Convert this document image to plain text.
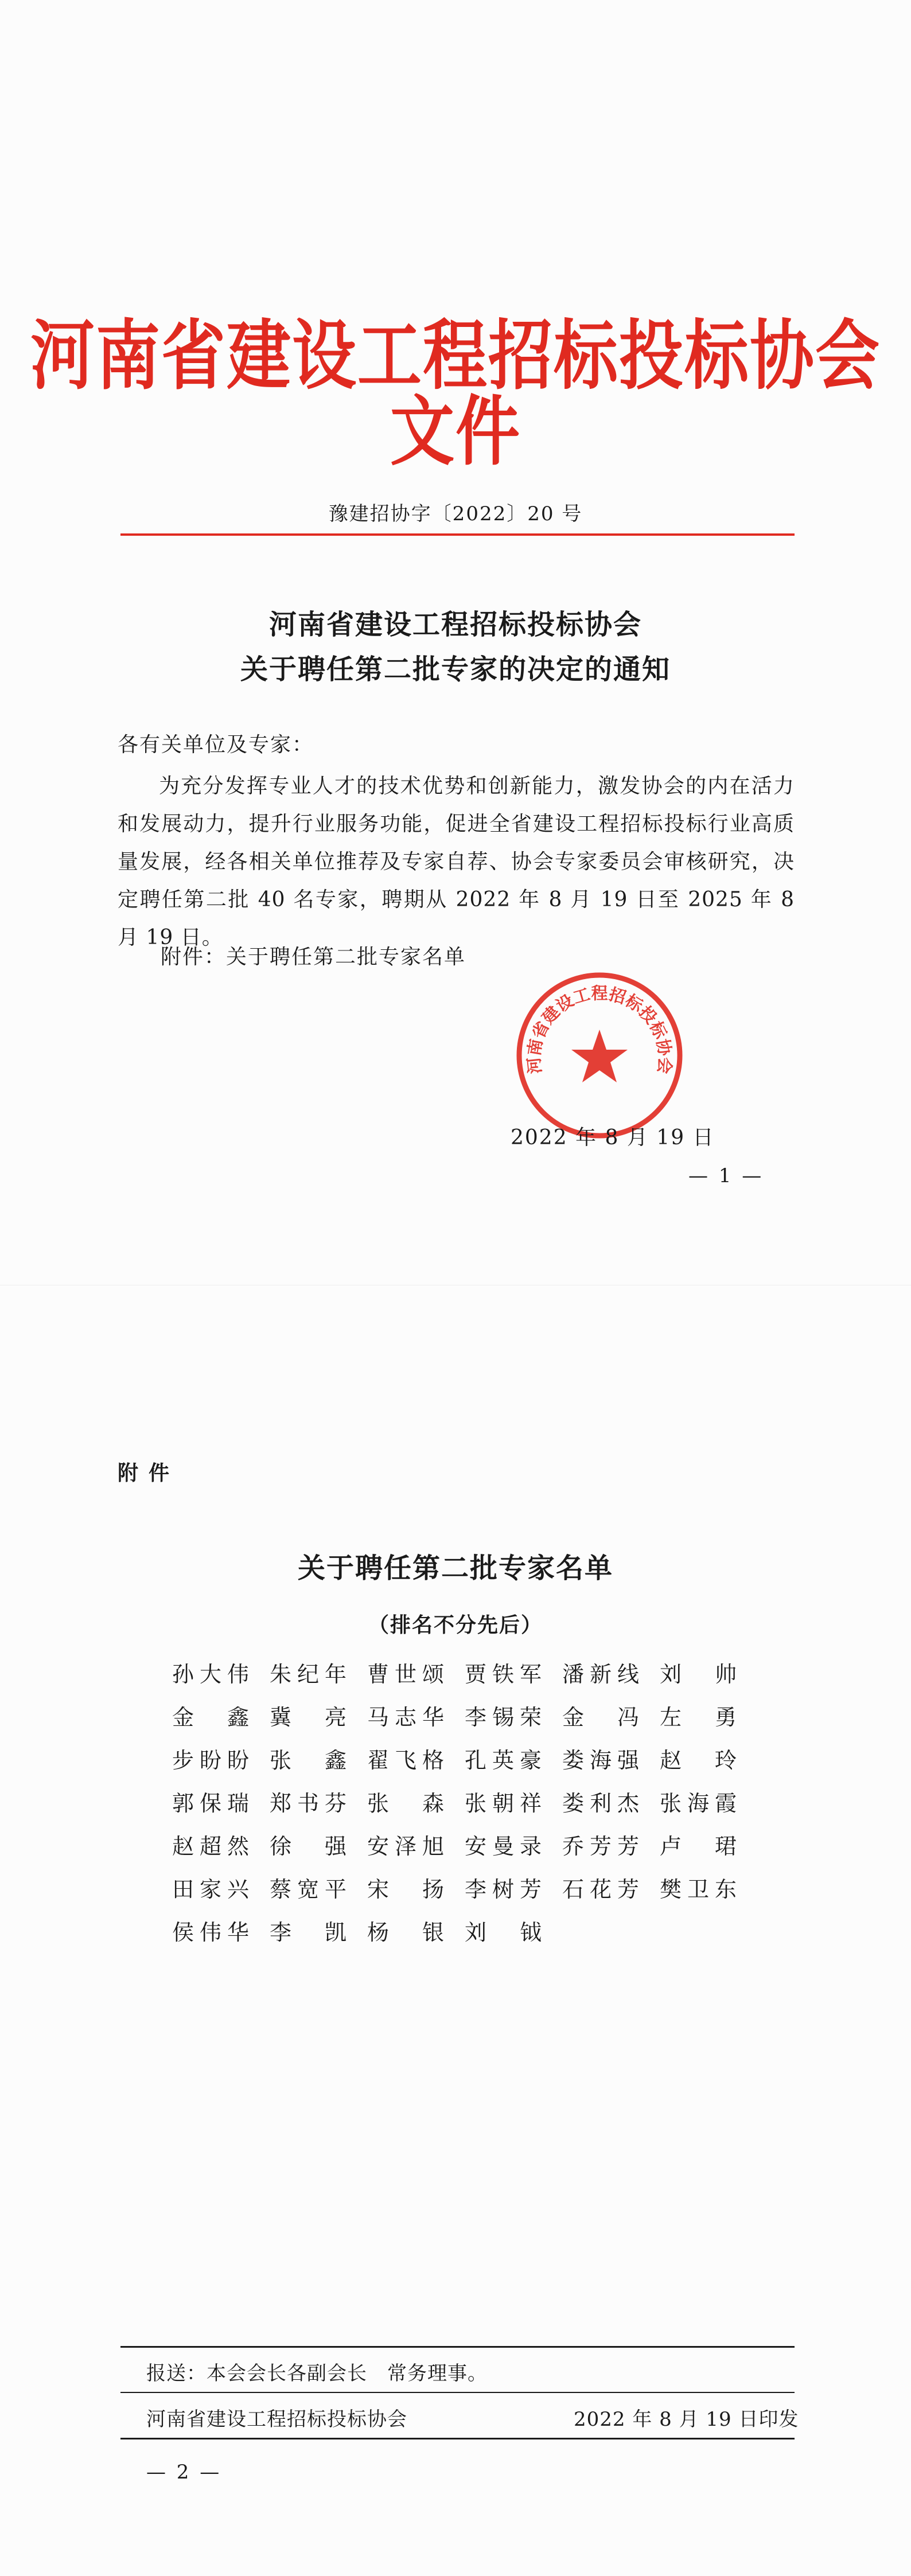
河南省建设工程招标投标协会文件
豫建招协字〔2022〕20 号
河南省建设工程招标投标协会
关于聘任第二批专家的决定的通知
各有关单位及专家：

为充分发挥专业人才的技术优势和创新能力，激发协会的内在活力和发展动力，提升行业服务功能，促进全省建设工程招标投标行业高质量发展，经各相关单位推荐及专家自荐、协会专家委员会审核研究，决定聘任第二批 40 名专家，聘期从 2022 年 8 月 19 日至 2025 年 8 月 19 日。

附件：关于聘任第二批专家名单
河南省建设工程招标投标协会
2022 年 8 月 19 日
— 1 —
附件
关于聘任第二批专家名单
（排名不分先后）
孙大伟 朱纪年 曹世颂 贾铁军 潘新线 刘帅
金鑫 冀亮 马志华 李锡荣 金冯 左勇
步盼盼 张鑫 翟飞格 孔英豪 娄海强 赵玲
郭保瑞 郑书芬 张森 张朝祥 娄利杰 张海霞
赵超然 徐强 安泽旭 安曼录 乔芳芳 卢珺
田家兴 蔡宽平 宋扬 李树芳 石花芳 樊卫东
侯伟华 李凯 杨银 刘钺
报送：本会会长各副会长　常务理事。
河南省建设工程招标投标协会	2022 年 8 月 19 日印发
— 2 —
